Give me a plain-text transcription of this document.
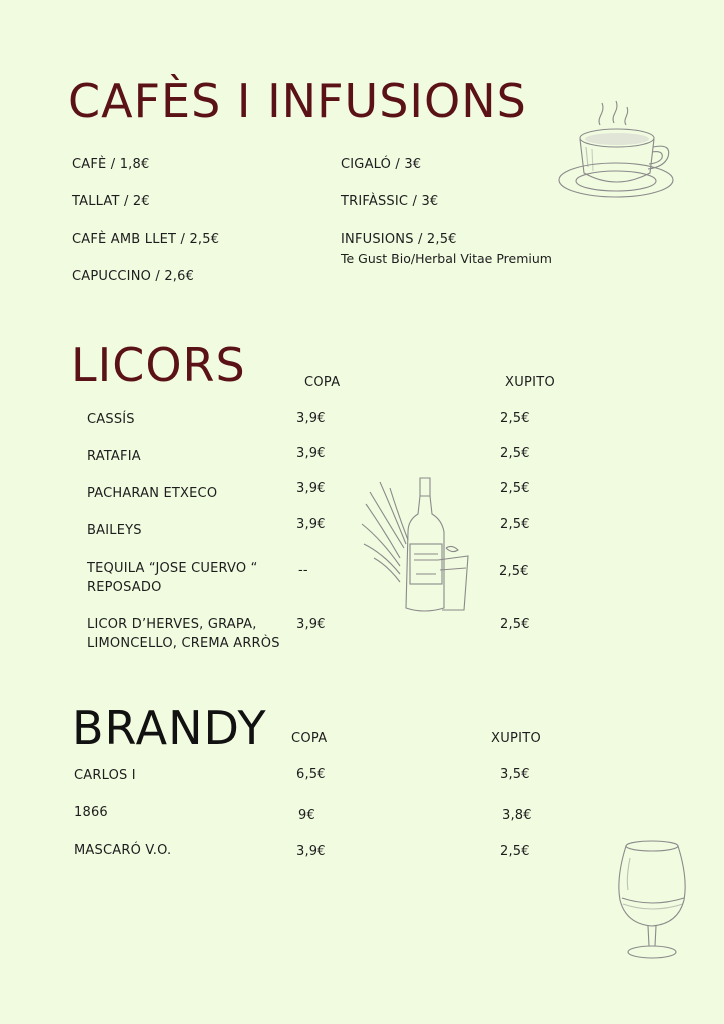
CAFÈS I INFUSIONS
CAFÈ / 1,8€
TALLAT / 2€
CAFÈ AMB LLET / 2,5€
CAPUCCINO / 2,6€
CIGALÓ / 3€
TRIFÀSSIC / 3€
INFUSIONS / 2,5€
Te Gust Bio/Herbal Vitae Premium
LICORS	COPA	XUPITO
CASSÍS	3,9€	2,5€
RATAFIA	3,9€	2,5€
PACHARAN ETXECO	3,9€	2,5€
BAILEYS	3,9€	2,5€
TEQUILA “JOSE CUERVO “
REPOSADO
--	2,5€
LICOR D’HERVES, GRAPA,
LIMONCELLO, CREMA ARRÒS
3,9€	2,5€
BRANDY COPA	XUPITO
CARLOS I	6,5€	3,5€
1866	9€	3,8€
MASCARÓ V.O.	3,9€	2,5€
